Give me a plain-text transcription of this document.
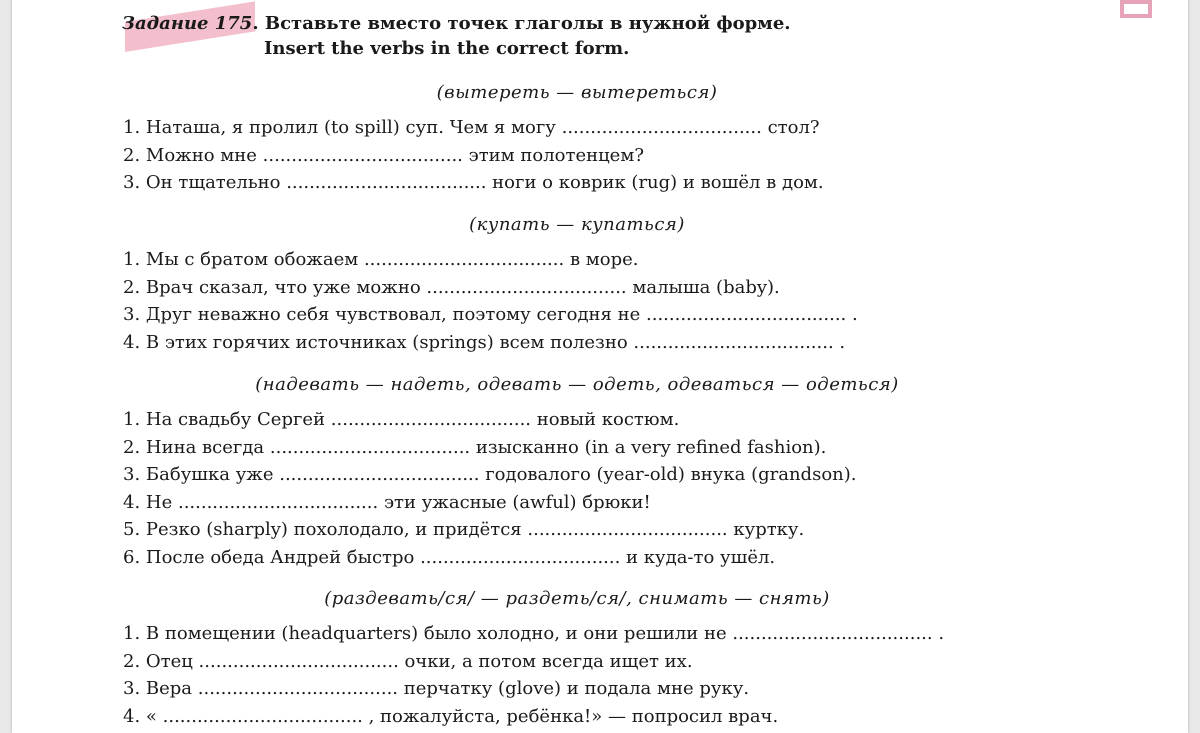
Задание 175. Вставьте вместо точек глаголы в нужной форме.
Insert the verbs in the correct form.
(вытереть — вытереться)
1. Наташа, я пролил (to spill) суп. Чем я могу ................................... стол?
2. Можно мне ................................... этим полотенцем?
3. Он тщательно ................................... ноги о коврик (rug) и вошёл в дом.
(купать — купаться)
1. Мы с братом обожаем ................................... в море.
2. Врач сказал, что уже можно ................................... малыша (baby).
3. Друг неважно себя чувствовал, поэтому сегодня не ................................... .
4. В этих горячих источниках (springs) всем полезно ................................... .
(надевать — надеть, одевать — одеть, одеваться — одеться)
1. На свадьбу Сергей ................................... новый костюм.
2. Нина всегда ................................... изысканно (in a very refined fashion).
3. Бабушка уже ................................... годовалого (year-old) внука (grandson).
4. Не ................................... эти ужасные (awful) брюки!
5. Резко (sharply) похолодало, и придётся ................................... куртку.
6. После обеда Андрей быстро ................................... и куда-то ушёл.
(раздевать/ся/ — раздеть/ся/, снимать — снять)
1. В помещении (headquarters) было холодно, и они решили не ................................... .
2. Отец ................................... очки, а потом всегда ищет их.
3. Вера ................................... перчатку (glove) и подала мне руку.
4. « ................................... , пожалуйста, ребёнка!» — попросил врач.
